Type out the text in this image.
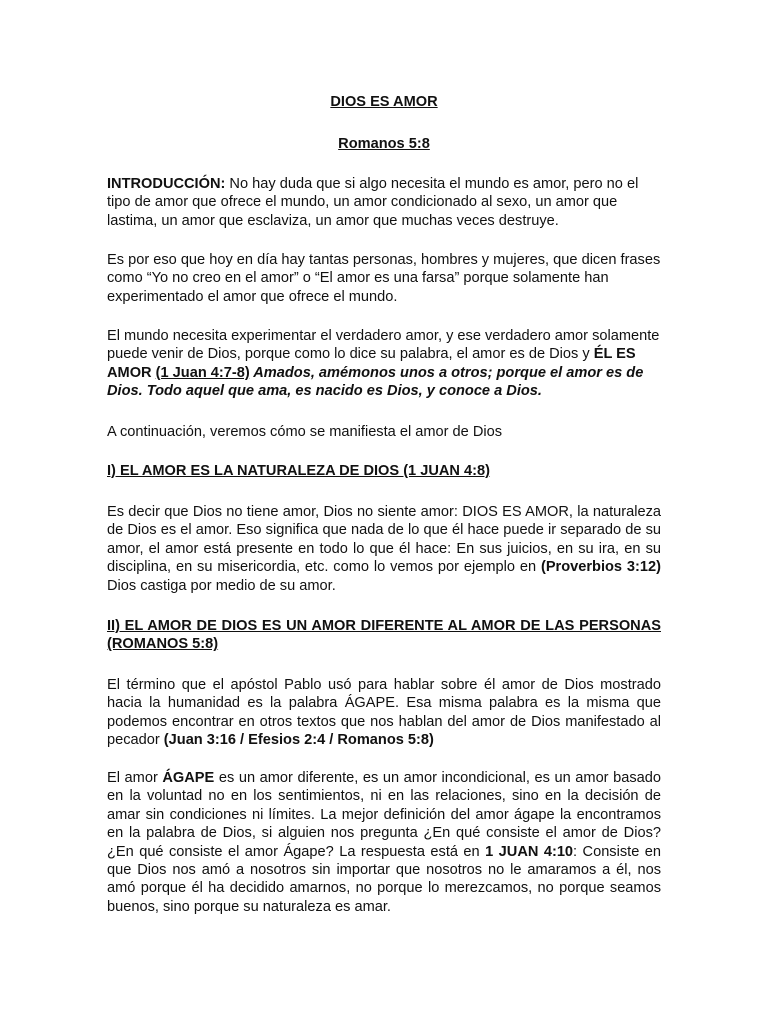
DIOS ES AMOR
Romanos 5:8
INTRODUCCIÓN: No hay duda que si algo necesita el mundo es amor, pero no el tipo de amor que ofrece el mundo, un amor condicionado al sexo, un amor que lastima, un amor que esclaviza, un amor que muchas veces destruye.
Es por eso que hoy en día hay tantas personas, hombres y mujeres, que dicen frases como “Yo no creo en el amor” o “El amor es una farsa” porque solamente han experimentado el amor que ofrece el mundo.
El mundo necesita experimentar el verdadero amor, y ese verdadero amor solamente puede venir de Dios, porque como lo dice su palabra, el amor es de Dios y ÉL ES AMOR (1 Juan 4:7-8) Amados, amémonos unos a otros; porque el amor es de Dios. Todo aquel que ama, es nacido es Dios, y conoce a Dios.
A continuación, veremos cómo se manifiesta el amor de Dios
I) EL AMOR ES LA NATURALEZA DE DIOS (1 JUAN 4:8)
Es decir que Dios no tiene amor, Dios no siente amor: DIOS ES AMOR, la naturaleza de Dios es el amor. Eso significa que nada de lo que él hace puede ir separado de su amor, el amor está presente en todo lo que él hace: En sus juicios, en su ira, en su disciplina, en su misericordia, etc. como lo vemos por ejemplo en (Proverbios 3:12) Dios castiga por medio de su amor.
II) EL AMOR DE DIOS ES UN AMOR DIFERENTE AL AMOR DE LAS PERSONAS (ROMANOS 5:8)
El término que el apóstol Pablo usó para hablar sobre él amor de Dios mostrado hacia la humanidad es la palabra ÁGAPE. Esa misma palabra es la misma que podemos encontrar en otros textos que nos hablan del amor de Dios manifestado al pecador (Juan 3:16 / Efesios 2:4 / Romanos 5:8)
El amor ÁGAPE es un amor diferente, es un amor incondicional, es un amor basado en la voluntad no en los sentimientos, ni en las relaciones, sino en la decisión de amar sin condiciones ni límites. La mejor definición del amor ágape la encontramos en la palabra de Dios, si alguien nos pregunta ¿En qué consiste el amor de Dios? ¿En qué consiste el amor Ágape? La respuesta está en 1 JUAN 4:10: Consiste en que Dios nos amó a nosotros sin importar que nosotros no le amaramos a él, nos amó porque él ha decidido amarnos, no porque lo merezcamos, no porque seamos buenos, sino porque su naturaleza es amar.
